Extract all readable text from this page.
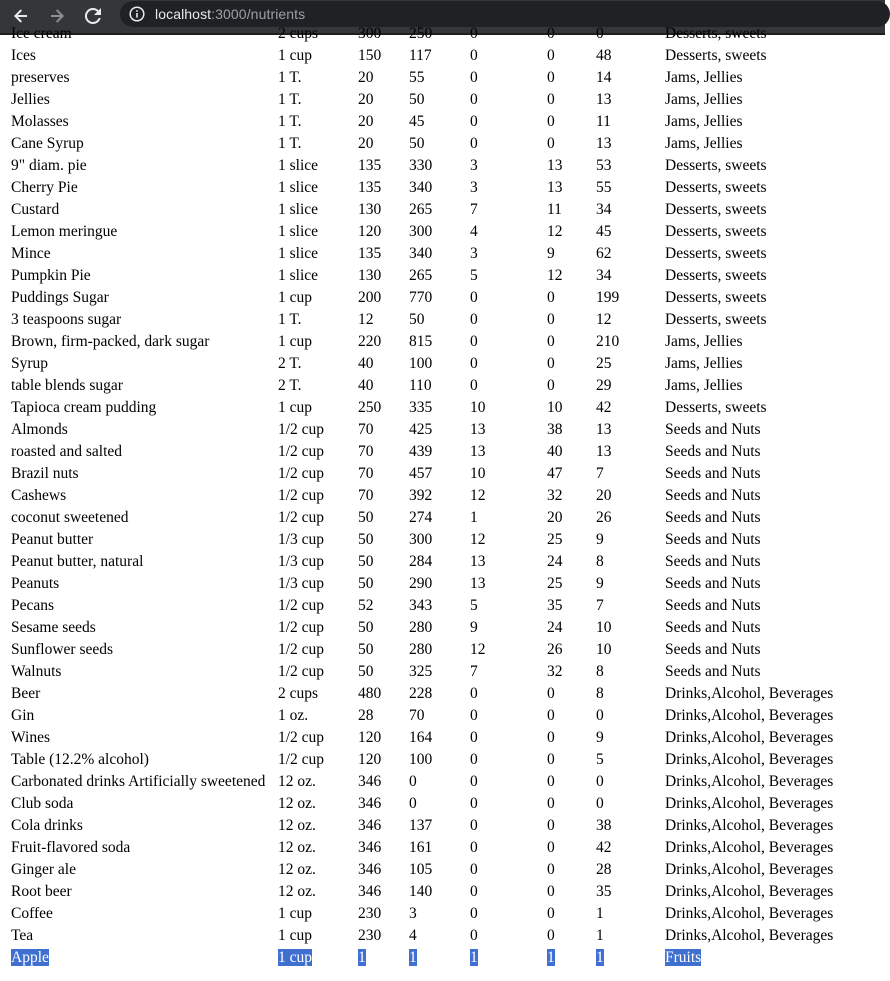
localhost:3000/nutrients
Ice cream	2 cups	300	250	0	0	0	Desserts, sweets
Ices	1 cup	150	117	0	0	48	Desserts, sweets
preserves	1 T.	20	55	0	0	14	Jams, Jellies
Jellies	1 T.	20	50	0	0	13	Jams, Jellies
Molasses	1 T.	20	45	0	0	11	Jams, Jellies
Cane Syrup	1 T.	20	50	0	0	13	Jams, Jellies
9" diam. pie	1 slice	135	330	3	13	53	Desserts, sweets
Cherry Pie	1 slice	135	340	3	13	55	Desserts, sweets
Custard	1 slice	130	265	7	11	34	Desserts, sweets
Lemon meringue	1 slice	120	300	4	12	45	Desserts, sweets
Mince	1 slice	135	340	3	9	62	Desserts, sweets
Pumpkin Pie	1 slice	130	265	5	12	34	Desserts, sweets
Puddings Sugar	1 cup	200	770	0	0	199	Desserts, sweets
3 teaspoons sugar	1 T.	12	50	0	0	12	Desserts, sweets
Brown, firm-packed, dark sugar	1 cup	220	815	0	0	210	Jams, Jellies
Syrup	2 T.	40	100	0	0	25	Jams, Jellies
table blends sugar	2 T.	40	110	0	0	29	Jams, Jellies
Tapioca cream pudding	1 cup	250	335	10	10	42	Desserts, sweets
Almonds	1/2 cup	70	425	13	38	13	Seeds and Nuts
roasted and salted	1/2 cup	70	439	13	40	13	Seeds and Nuts
Brazil nuts	1/2 cup	70	457	10	47	7	Seeds and Nuts
Cashews	1/2 cup	70	392	12	32	20	Seeds and Nuts
coconut sweetened	1/2 cup	50	274	1	20	26	Seeds and Nuts
Peanut butter	1/3 cup	50	300	12	25	9	Seeds and Nuts
Peanut butter, natural	1/3 cup	50	284	13	24	8	Seeds and Nuts
Peanuts	1/3 cup	50	290	13	25	9	Seeds and Nuts
Pecans	1/2 cup	52	343	5	35	7	Seeds and Nuts
Sesame seeds	1/2 cup	50	280	9	24	10	Seeds and Nuts
Sunflower seeds	1/2 cup	50	280	12	26	10	Seeds and Nuts
Walnuts	1/2 cup	50	325	7	32	8	Seeds and Nuts
Beer	2 cups	480	228	0	0	8	Drinks,Alcohol, Beverages
Gin	1 oz.	28	70	0	0	0	Drinks,Alcohol, Beverages
Wines	1/2 cup	120	164	0	0	9	Drinks,Alcohol, Beverages
Table (12.2% alcohol)	1/2 cup	120	100	0	0	5	Drinks,Alcohol, Beverages
Carbonated drinks Artificially sweetened	12 oz.	346	0	0	0	0	Drinks,Alcohol, Beverages
Club soda	12 oz.	346	0	0	0	0	Drinks,Alcohol, Beverages
Cola drinks	12 oz.	346	137	0	0	38	Drinks,Alcohol, Beverages
Fruit-flavored soda	12 oz.	346	161	0	0	42	Drinks,Alcohol, Beverages
Ginger ale	12 oz.	346	105	0	0	28	Drinks,Alcohol, Beverages
Root beer	12 oz.	346	140	0	0	35	Drinks,Alcohol, Beverages
Coffee	1 cup	230	3	0	0	1	Drinks,Alcohol, Beverages
Tea	1 cup	230	4	0	0	1	Drinks,Alcohol, Beverages
Apple	1 cup	1	1	1	1	1	Fruits
